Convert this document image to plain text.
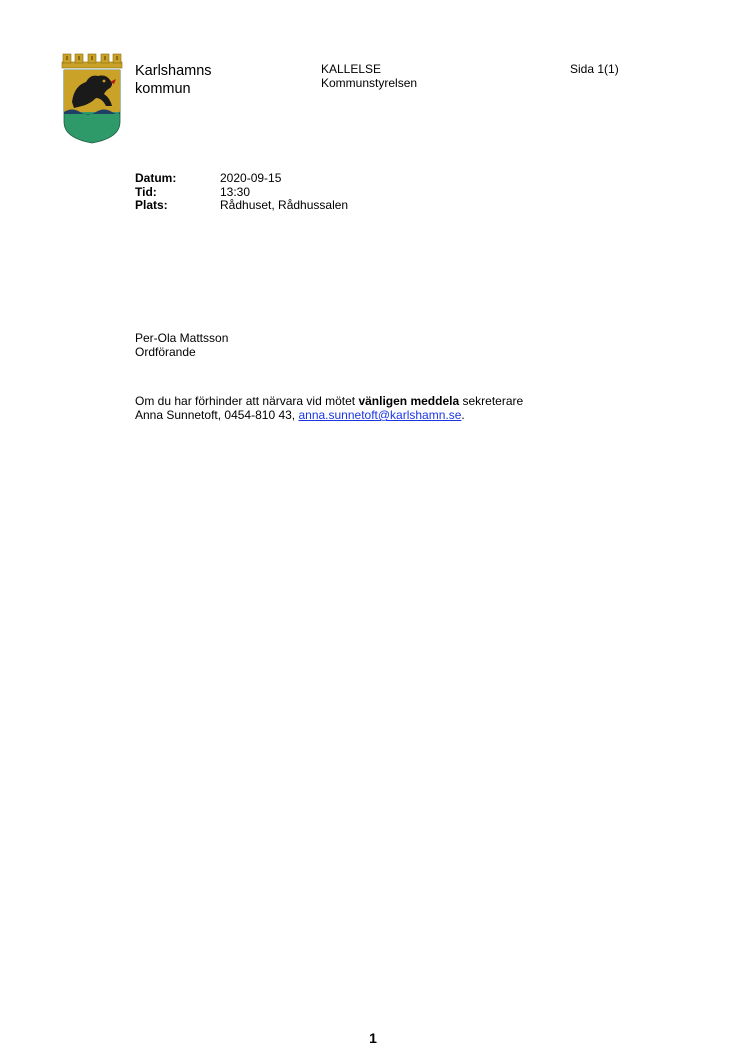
Karlshamns
kommun
KALLELSE
Kommunstyrelsen
Sida 1(1)
Datum:	2020-09-15
Tid:	13:30
Plats:	Rådhuset, Rådhussalen
Per-Ola Mattsson
Ordförande
Om du har förhinder att närvara vid mötet vänligen meddela sekreterare
Anna Sunnetoft, 0454-810 43, anna.sunnetoft@karlshamn.se.
1
